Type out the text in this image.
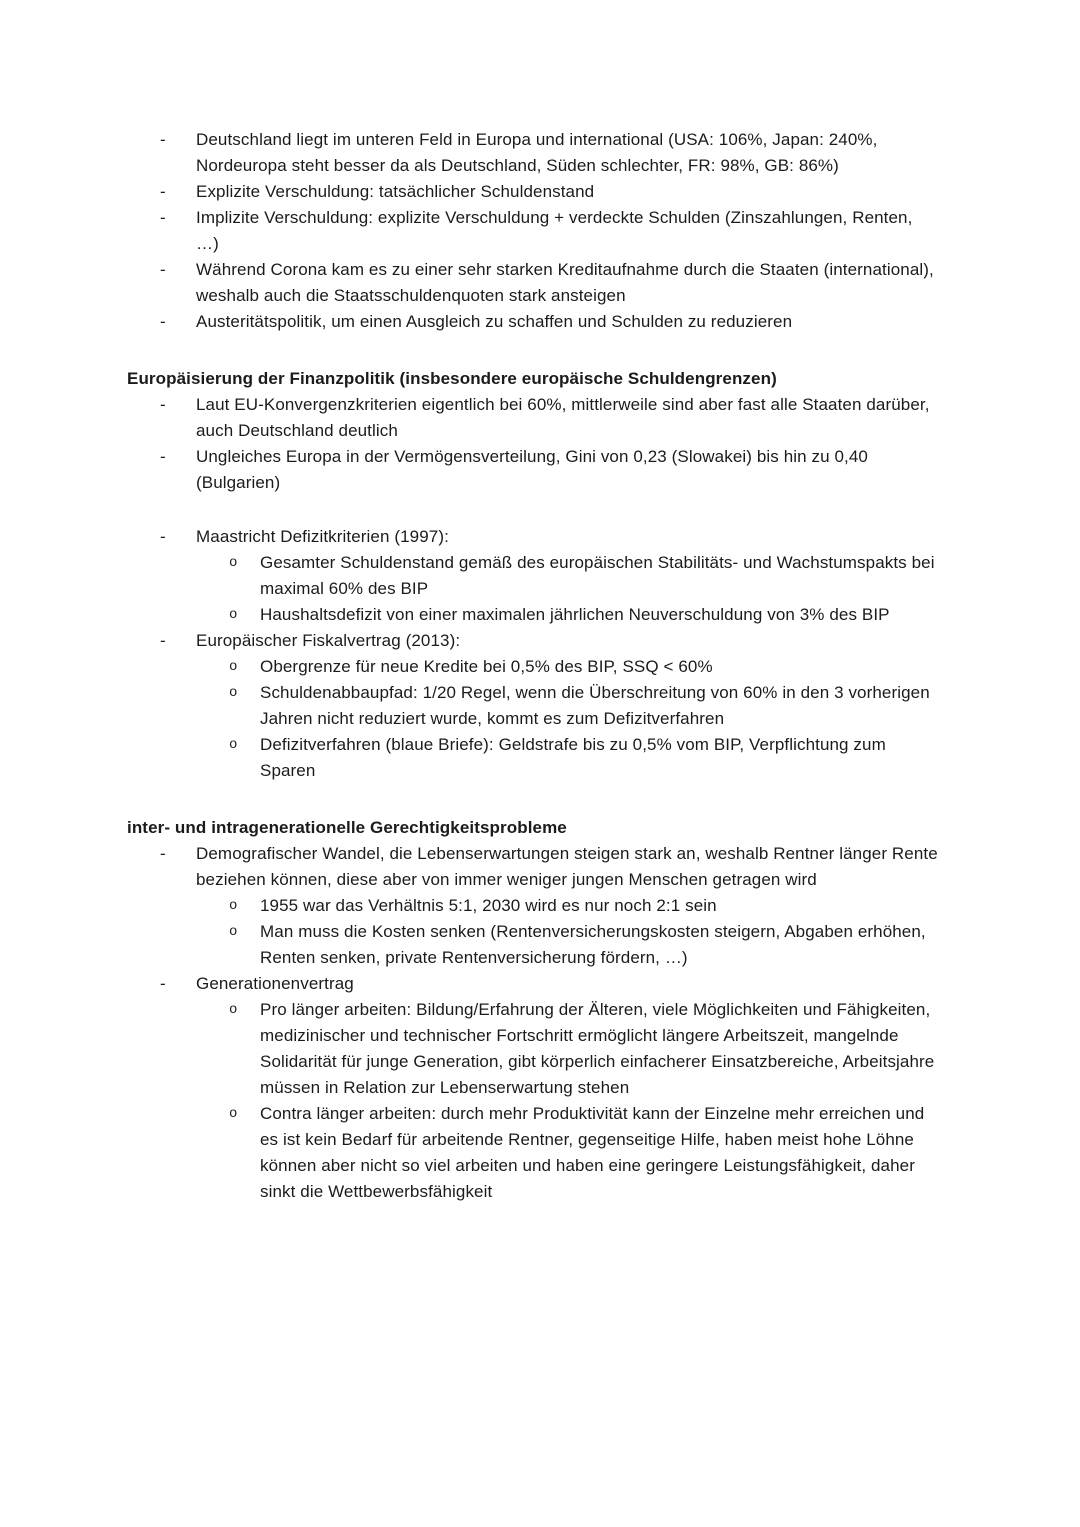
- Deutschland liegt im unteren Feld in Europa und international (USA: 106%, Japan: 240%, Nordeuropa steht besser da als Deutschland, Süden schlechter, FR: 98%, GB: 86%)
- Explizite Verschuldung: tatsächlicher Schuldenstand
- Implizite Verschuldung: explizite Verschuldung + verdeckte Schulden (Zinszahlungen, Renten, …)
- Während Corona kam es zu einer sehr starken Kreditaufnahme durch die Staaten (international), weshalb auch die Staatsschuldenquoten stark ansteigen
- Austeritätspolitik, um einen Ausgleich zu schaffen und Schulden zu reduzieren
Europäisierung der Finanzpolitik (insbesondere europäische Schuldengrenzen)
- Laut EU-Konvergenzkriterien eigentlich bei 60%, mittlerweile sind aber fast alle Staaten darüber, auch Deutschland deutlich
- Ungleiches Europa in der Vermögensverteilung, Gini von 0,23 (Slowakei) bis hin zu 0,40 (Bulgarien)
- Maastricht Defizitkriterien (1997):
o Gesamter Schuldenstand gemäß des europäischen Stabilitäts- und Wachstumspakts bei maximal 60% des BIP
o Haushaltsdefizit von einer maximalen jährlichen Neuverschuldung von 3% des BIP
- Europäischer Fiskalvertrag (2013):
o Obergrenze für neue Kredite bei 0,5% des BIP, SSQ < 60%
o Schuldenabbaupfad: 1/20 Regel, wenn die Überschreitung von 60% in den 3 vorherigen Jahren nicht reduziert wurde, kommt es zum Defizitverfahren
o Defizitverfahren (blaue Briefe): Geldstrafe bis zu 0,5% vom BIP, Verpflichtung zum Sparen
inter- und intragenerationelle Gerechtigkeitsprobleme
- Demografischer Wandel, die Lebenserwartungen steigen stark an, weshalb Rentner länger Rente beziehen können, diese aber von immer weniger jungen Menschen getragen wird
o 1955 war das Verhältnis 5:1, 2030 wird es nur noch 2:1 sein
o Man muss die Kosten senken (Rentenversicherungskosten steigern, Abgaben erhöhen, Renten senken, private Rentenversicherung fördern, …)
- Generationenvertrag
o Pro länger arbeiten: Bildung/Erfahrung der Älteren, viele Möglichkeiten und Fähigkeiten, medizinischer und technischer Fortschritt ermöglicht längere Arbeitszeit, mangelnde Solidarität für junge Generation, gibt körperlich einfacherer Einsatzbereiche, Arbeitsjahre müssen in Relation zur Lebenserwartung stehen
o Contra länger arbeiten: durch mehr Produktivität kann der Einzelne mehr erreichen und es ist kein Bedarf für arbeitende Rentner, gegenseitige Hilfe, haben meist hohe Löhne können aber nicht so viel arbeiten und haben eine geringere Leistungsfähigkeit, daher sinkt die Wettbewerbsfähigkeit
